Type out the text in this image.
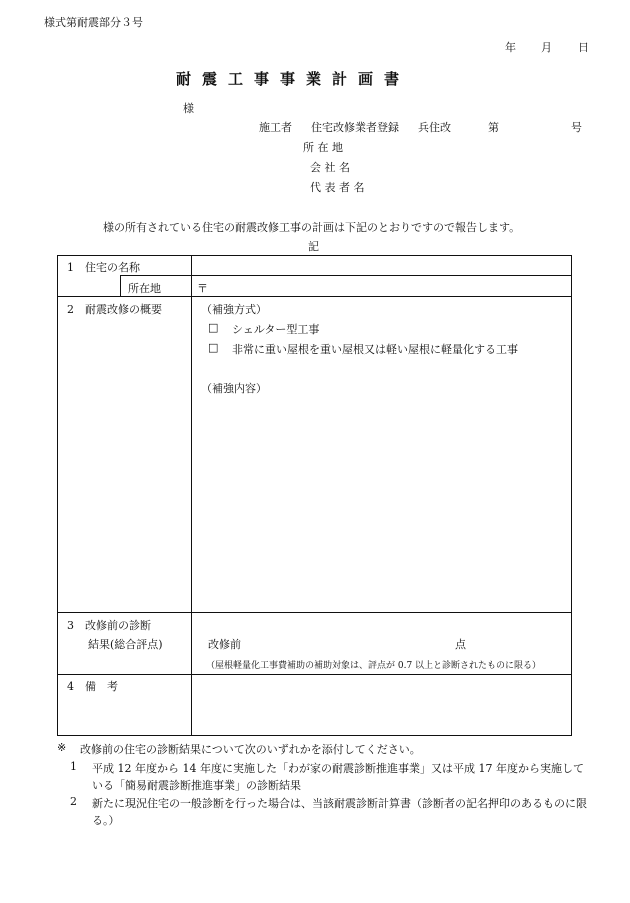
様式第耐震部分３号
年 月 日
耐震工事事業計画書
様
施工者 住宅改修業者登録 兵住改	第	号
所 在 地
会 社 名
代 表 者 名
様の所有されている住宅の耐震改修工事の計画は下記のとおりですので報告します。
記
1　住宅の名称
所在地	〒
2　耐震改修の概要	（補強方式）
□ シェルター型工事
□ 非常に重い屋根を重い屋根又は軽い屋根に軽量化する工事
（補強内容）
3　改修前の診断
結果(総合評点)	改修前	点
（屋根軽量化工事費補助の補助対象は、評点が 0.7 以上と診断されたものに限る）
4　備　考
※ 改修前の住宅の診断結果について次のいずれかを添付してください。
1 平成 12 年度から 14 年度に実施した「わが家の耐震診断推進事業」又は平成 17 年度から実施している「簡易耐震診断推進事業」の診断結果
2 新たに現況住宅の一般診断を行った場合は、当該耐震診断計算書（診断者の記名押印のあるものに限る。）
